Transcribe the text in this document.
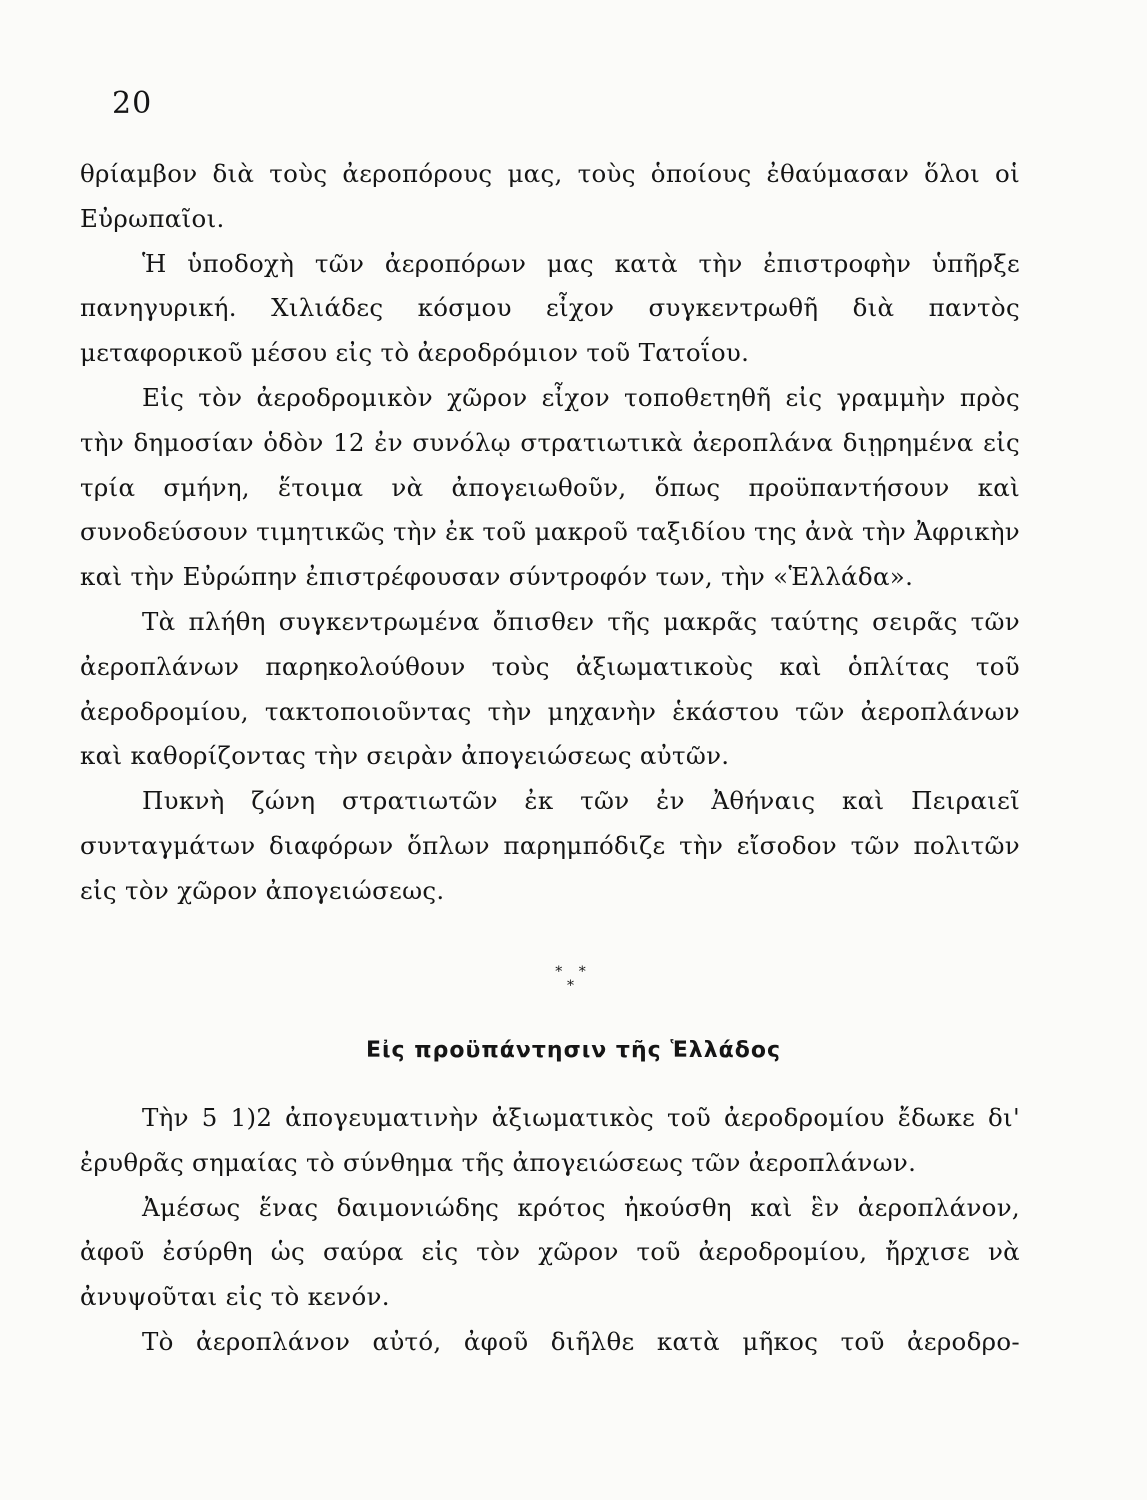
20

θρίαμβον διὰ τοὺς ἀεροπόρους μας, τοὺς ὁποίους ἐθαύμασαν ὅλοι οἱ Εὐρωπαῖοι.

Ἡ ὑποδοχὴ τῶν ἀεροπόρων μας κατὰ τὴν ἐπιστροφὴν ὑπῆρξε πανηγυρική. Χιλιάδες κόσμου εἶχον συγκεντρωθῆ διὰ παντὸς μεταφορικοῦ μέσου εἰς τὸ ἀεροδρόμιον τοῦ Τατοΐου.

Εἰς τὸν ἀεροδρομικὸν χῶρον εἶχον τοποθετηθῆ εἰς γραμμὴν πρὸς τὴν δημοσίαν ὁδὸν 12 ἐν συνόλῳ στρατιωτικὰ ἀεροπλάνα διῃρημένα εἰς τρία σμήνη, ἕτοιμα νὰ ἀπογειωθοῦν, ὅπως προϋπαντήσουν καὶ συνοδεύσουν τιμητικῶς τὴν ἐκ τοῦ μακροῦ ταξιδίου της ἀνὰ τὴν Ἀφρικὴν καὶ τὴν Εὐρώπην ἐπιστρέφουσαν σύντροφόν των, τὴν «Ἑλλάδα».

Τὰ πλήθη συγκεντρωμένα ὄπισθεν τῆς μακρᾶς ταύτης σειρᾶς τῶν ἀεροπλάνων παρηκολούθουν τοὺς ἀξιωματικοὺς καὶ ὁπλίτας τοῦ ἀεροδρομίου, τακτοποιοῦντας τὴν μηχανὴν ἑκάστου τῶν ἀεροπλάνων καὶ καθορίζοντας τὴν σειρὰν ἀπογειώσεως αὐτῶν.

Πυκνὴ ζώνη στρατιωτῶν ἐκ τῶν ἐν Ἀθήναις καὶ Πειραιεῖ συνταγμάτων διαφόρων ὅπλων παρημπόδιζε τὴν εἴσοδον τῶν πολιτῶν εἰς τὸν χῶρον ἀπογειώσεως.

* *
*
Εἰς προϋπάντησιν τῆς Ἑλλάδος

Τὴν 5 1)2 ἀπογευματινὴν ἀξιωματικὸς τοῦ ἀεροδρομίου ἔδωκε δι' ἐρυθρᾶς σημαίας τὸ σύνθημα τῆς ἀπογειώσεως τῶν ἀεροπλάνων.

Ἀμέσως ἕνας δαιμονιώδης κρότος ἠκούσθη καὶ ἓν ἀεροπλάνον, ἀφοῦ ἐσύρθη ὡς σαύρα εἰς τὸν χῶρον τοῦ ἀεροδρομίου, ἤρχισε νὰ ἀνυψοῦται εἰς τὸ κενόν.

Τὸ ἀεροπλάνον αὐτό, ἀφοῦ διῆλθε κατὰ μῆκος τοῦ ἀεροδρο-
